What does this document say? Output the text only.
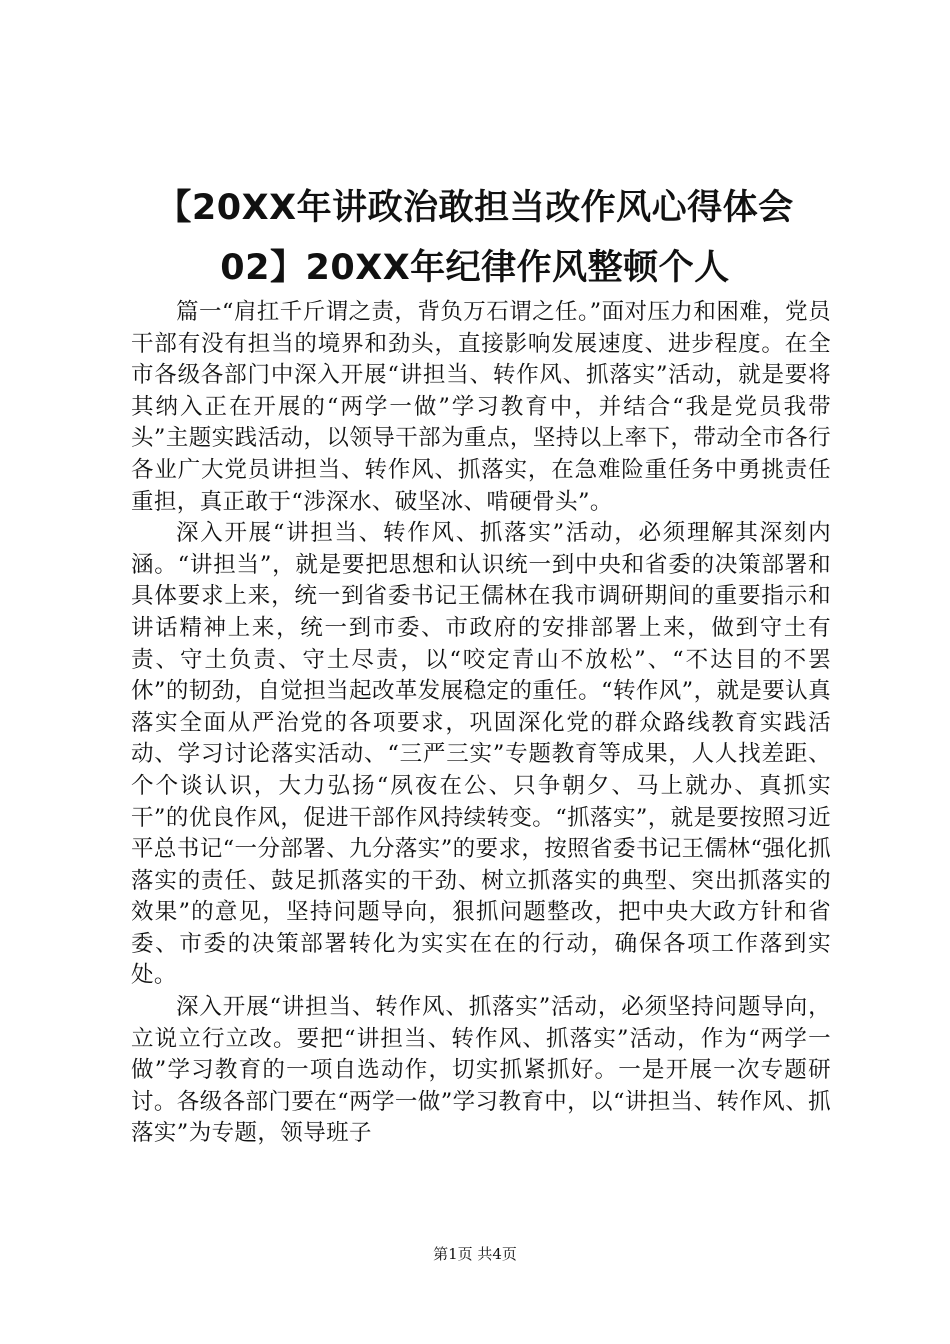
【20XX年讲政治敢担当改作风心得体会
02】20XX年纪律作风整顿个人

篇一“肩扛千斤谓之责，背负万石谓之任。”面对压力和困难，党员干部有没有担当的境界和劲头，直接影响发展速度、进步程度。在全市各级各部门中深入开展“讲担当、转作风、抓落实”活动，就是要将其纳入正在开展的“两学一做”学习教育中，并结合“我是党员我带头”主题实践活动，以领导干部为重点，坚持以上率下，带动全市各行各业广大党员讲担当、转作风、抓落实，在急难险重任务中勇挑责任重担，真正敢于“涉深水、破坚冰、啃硬骨头”。

深入开展“讲担当、转作风、抓落实”活动，必须理解其深刻内涵。“讲担当”，就是要把思想和认识统一到中央和省委的决策部署和具体要求上来，统一到省委书记王儒林在我市调研期间的重要指示和讲话精神上来，统一到市委、市政府的安排部署上来，做到守土有责、守土负责、守土尽责，以“咬定青山不放松”、“不达目的不罢休”的韧劲，自觉担当起改革发展稳定的重任。“转作风”，就是要认真落实全面从严治党的各项要求，巩固深化党的群众路线教育实践活动、学习讨论落实活动、“三严三实”专题教育等成果，人人找差距、个个谈认识，大力弘扬“夙夜在公、只争朝夕、马上就办、真抓实干”的优良作风，促进干部作风持续转变。“抓落实”，就是要按照习近平总书记“一分部署、九分落实”的要求，按照省委书记王儒林“强化抓落实的责任、鼓足抓落实的干劲、树立抓落实的典型、突出抓落实的效果”的意见，坚持问题导向，狠抓问题整改，把中央大政方针和省委、市委的决策部署转化为实实在在的行动，确保各项工作落到实处。

深入开展“讲担当、转作风、抓落实”活动，必须坚持问题导向，立说立行立改。要把“讲担当、转作风、抓落实”活动，作为“两学一做”学习教育的一项自选动作，切实抓紧抓好。一是开展一次专题研讨。各级各部门要在“两学一做”学习教育中，以“讲担当、转作风、抓落实”为专题，领导班子

第1页 共4页
